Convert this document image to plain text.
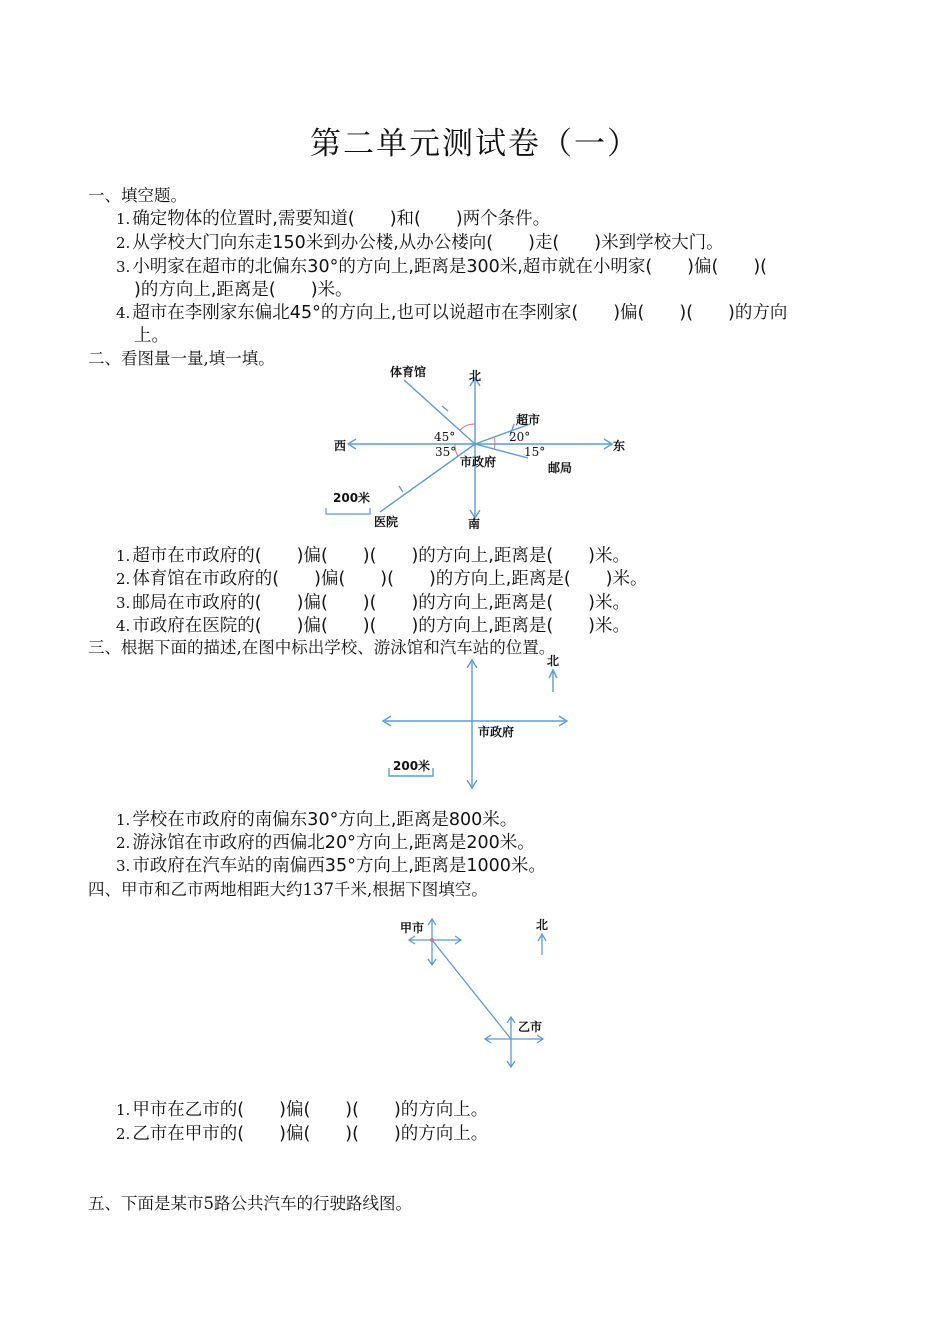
第二单元测试卷（一）
一、填空题。
1. 确定物体的位置时,需要知道(　　)和(　　)两个条件。
2. 从学校大门向东走150米到办公楼,从办公楼向(　　)走(　　)米到学校大门。
3. 小明家在超市的北偏东30°的方向上,距离是300米,超市就在小明家(　　)偏(　　)(
)的方向上,距离是(　　)米。
4. 超市在李刚家东偏北45°的方向上,也可以说超市在李刚家(　　)偏(　　)(　　)的方向
上。
二、看图量一量,填一填。
北
南
东
西
市政府
体育馆
超市
邮局
医院
45°
35°
20°
15°
200米
1. 超市在市政府的(　　)偏(　　)(　　)的方向上,距离是(　　)米。
2. 体育馆在市政府的(　　)偏(　　)(　　)的方向上,距离是(　　)米。
3. 邮局在市政府的(　　)偏(　　)(　　)的方向上,距离是(　　)米。
4. 市政府在医院的(　　)偏(　　)(　　)的方向上,距离是(　　)米。
三、根据下面的描述,在图中标出学校、游泳馆和汽车站的位置。
北
市政府
200米
1. 学校在市政府的南偏东30°方向上,距离是800米。
2. 游泳馆在市政府的西偏北20°方向上,距离是200米。
3. 市政府在汽车站的南偏西35°方向上,距离是1000米。
四、甲市和乙市两地相距大约137千米,根据下图填空。
甲市
乙市
北
1. 甲市在乙市的(　　)偏(　　)(　　)的方向上。
2. 乙市在甲市的(　　)偏(　　)(　　)的方向上。
五、下面是某市5路公共汽车的行驶路线图。
